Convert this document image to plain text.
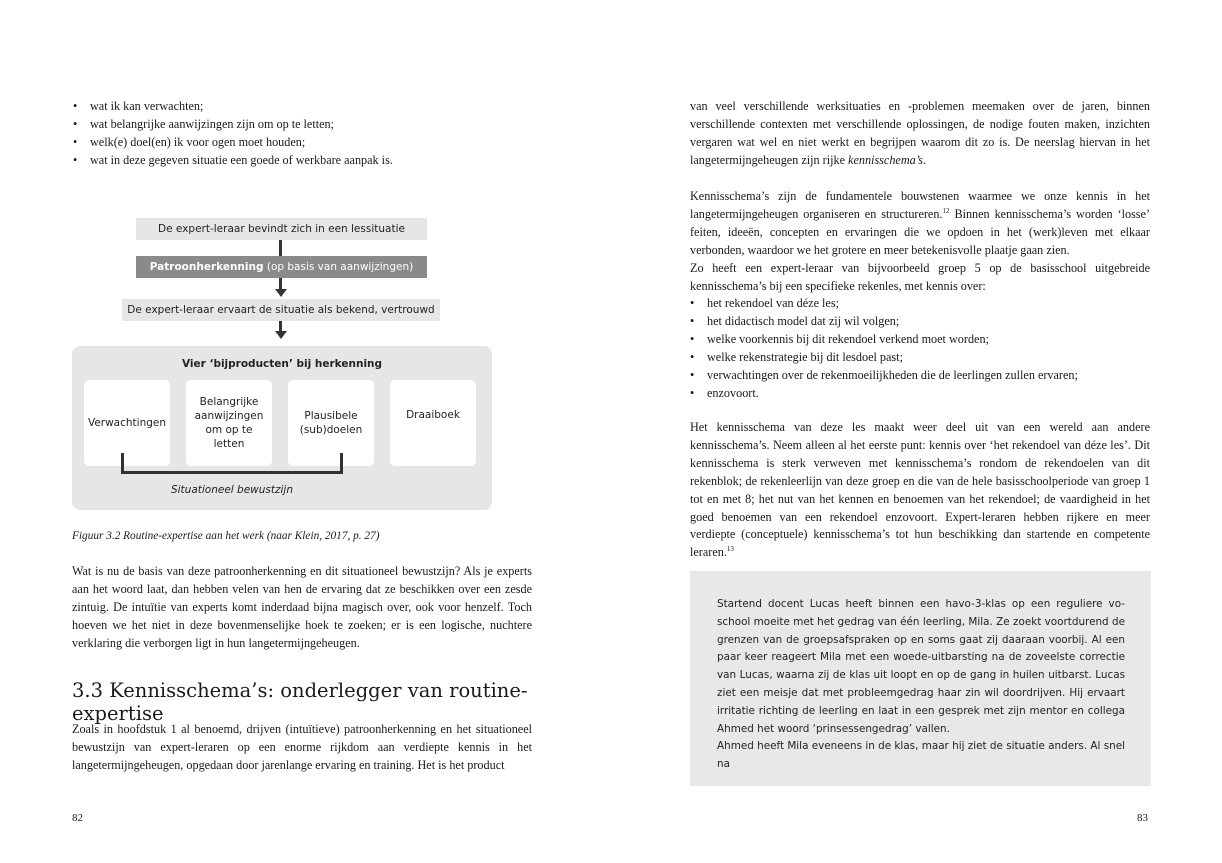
• wat ik kan verwachten;
• wat belangrijke aanwijzingen zijn om op te letten;
• welk(e) doel(en) ik voor ogen moet houden;
• wat in deze gegeven situatie een goede of werkbare aanpak is.
De expert-leraar bevindt zich in een lessituatie
Patroonherkenning (op basis van aanwijzingen)
De expert-leraar ervaart de situatie als bekend, vertrouwd
Vier ‘bijproducten’ bij herkenning
Verwachtingen
Belangrijke aanwijzingen om op te letten
Plausibele (sub)doelen
Draaiboek
Situationeel bewustzijn
Figuur 3.2 Routine-expertise aan het werk (naar Klein, 2017, p. 27)

Wat is nu de basis van deze patroonherkenning en dit situationeel bewustzijn? Als je experts aan het woord laat, dan hebben velen van hen de ervaring dat ze beschikken over een zesde zintuig. De intuïtie van experts komt inderdaad bijna magisch over, ook voor henzelf. Toch hoeven we het niet in deze bovenmenselijke hoek te zoeken; er is een logische, nuchtere verklaring die verborgen ligt in hun langetermijngeheugen.

3.3 Kennisschema’s: onderlegger van routine-expertise

Zoals in hoofdstuk 1 al benoemd, drijven (intuïtieve) patroonherkenning en het situationeel bewustzijn van expert-leraren op een enorme rijkdom aan verdiepte kennis in het langetermijngeheugen, opgedaan door jarenlange ervaring en training. Het is het product

82

van veel verschillende werksituaties en -problemen meemaken over de jaren, binnen verschillende contexten met verschillende oplossingen, de nodige fouten maken, inzichten vergaren wat wel en niet werkt en begrijpen waarom dit zo is. De neerslag hiervan in het langetermijngeheugen zijn rijke kennisschema’s.

Kennisschema’s zijn de fundamentele bouwstenen waarmee we onze kennis in het langetermijngeheugen organiseren en structureren.$^{12}$ Binnen kennisschema’s worden ‘losse’ feiten, ideeën, concepten en ervaringen die we opdoen in het (werk)leven met elkaar verbonden, waardoor we het grotere en meer betekenisvolle plaatje gaan zien.

Zo heeft een expert-leraar van bijvoorbeeld groep 5 op de basisschool uitgebreide kennisschema’s bij een specifieke rekenles, met kennis over:

• het rekendoel van déze les;
• het didactisch model dat zij wil volgen;
• welke voorkennis bij dit rekendoel verkend moet worden;
• welke rekenstrategie bij dit lesdoel past;
• verwachtingen over de rekenmoeilijkheden die de leerlingen zullen ervaren;
• enzovoort.

Het kennisschema van deze les maakt weer deel uit van een wereld aan andere kennisschema’s. Neem alleen al het eerste punt: kennis over ‘het rekendoel van déze les’. Dit kennisschema is sterk verweven met kennisschema’s rondom de rekendoelen van dit rekenblok; de rekenleerlijn van deze groep en die van de hele basisschoolperiode van groep 1 tot en met 8; het nut van het kennen en benoemen van het rekendoel; de vaardigheid in het goed benoemen van een rekendoel enzovoort. Expert-leraren hebben rijkere en meer verdiepte (conceptuele) kennisschema’s tot hun beschikking dan startende en competente leraren.$^{13}$

Startend docent Lucas heeft binnen een havo-3-klas op een reguliere vo-school moeite met het gedrag van één leerling, Mila. Ze zoekt voortdurend de grenzen van de groepsafspraken op en soms gaat zij daaraan voorbij. Al een paar keer reageert Mila met een woede-uitbarsting na de zoveelste correctie van Lucas, waarna zij de klas uit loopt en op de gang in huilen uitbarst. Lucas ziet een meisje dat met probleemgedrag haar zin wil doordrijven. Hij ervaart irritatie richting de leerling en laat in een gesprek met zijn mentor en collega Ahmed het woord ‘prinsessengedrag’ vallen.

Ahmed heeft Mila eveneens in de klas, maar hij ziet de situatie anders. Al snel na

83
